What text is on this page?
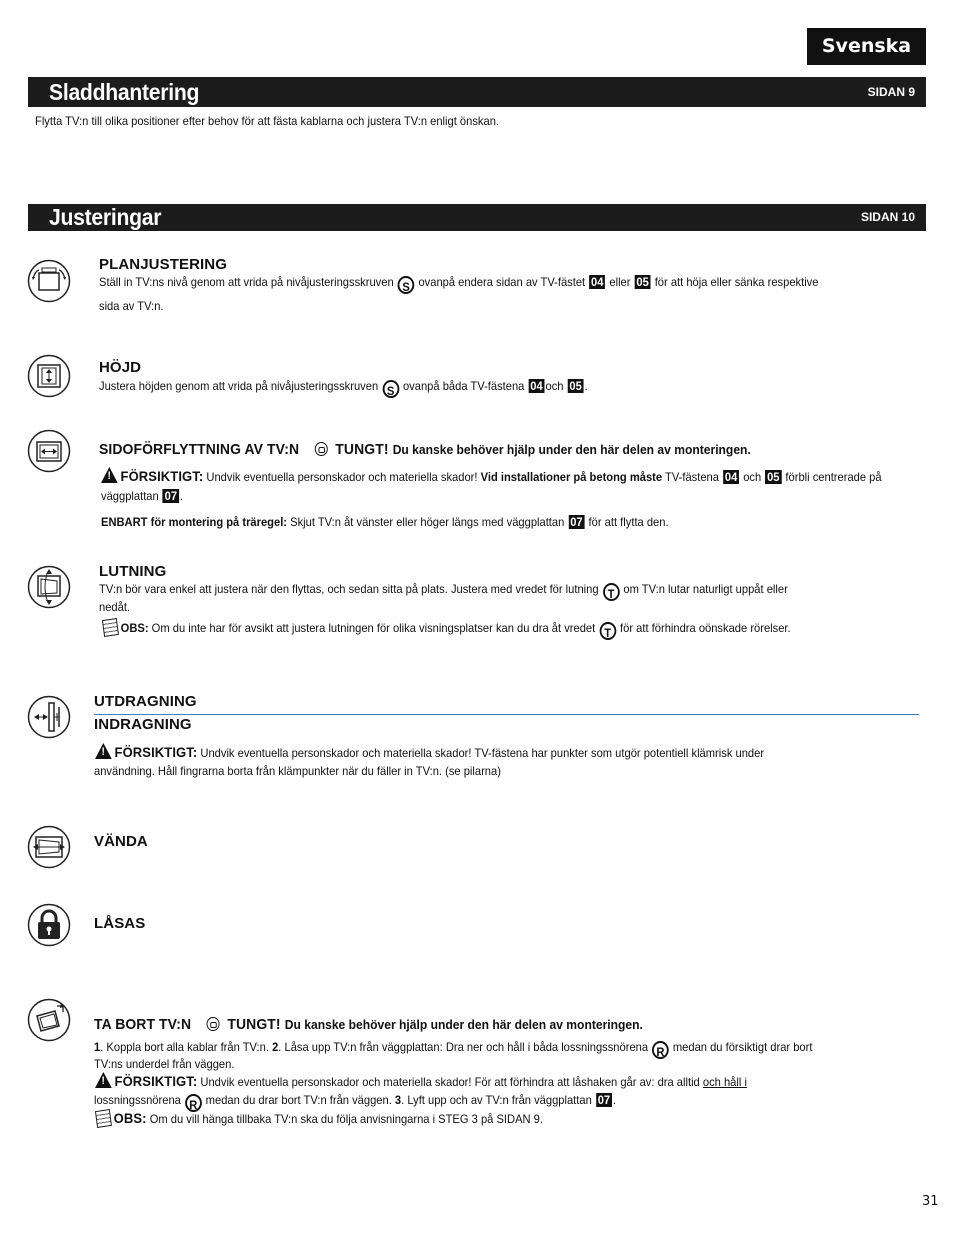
Svenska
Sladdhantering	SIDAN 9
Flytta TV:n till olika positioner efter behov för att fästa kablarna och justera TV:n enligt önskan.
Justeringar	SIDAN 10
PLANJUSTERING
Ställ in TV:ns nivå genom att vrida på nivåjusteringsskruven S ovanpå endera sidan av TV-fästet 04 eller 05 för att höja eller sänka respektive
sida av TV:n.
HÖJD
Justera höjden genom att vrida på nivåjusteringsskruven S ovanpå båda TV-fästena 04 och 05 .
SIDOFÖRFLYTTNING AV TV:N TUNGT! Du kanske behöver hjälp under den här delen av monteringen.
!FÖRSIKTIGT: Undvik eventuella personskador och materiella skador! Vid installationer på betong måste TV-fästena 04 och 05 förbli centrerade på
väggplattan 07 .
ENBART för montering på träregel: Skjut TV:n åt vänster eller höger längs med väggplattan 07 för att flytta den.
LUTNING
TV:n bör vara enkel att justera när den flyttas, och sedan sitta på plats. Justera med vredet för lutning T om TV:n lutar naturligt uppåt eller
nedåt.
OBS: Om du inte har för avsikt att justera lutningen för olika visningsplatser kan du dra åt vredet T för att förhindra oönskade rörelser.
UTDRAGNING
INDRAGNING
!FÖRSIKTIGT: Undvik eventuella personskador och materiella skador! TV-fästena har punkter som utgör potentiell klämrisk under
användning. Håll fingrarna borta från klämpunkter när du fäller in TV:n. (se pilarna)
VÄNDA
LÅSAS
TA BORT TV:N TUNGT! Du kanske behöver hjälp under den här delen av monteringen.
1. Koppla bort alla kablar från TV:n. 2. Låsa upp TV:n från väggplattan: Dra ner och håll i båda lossningssnörena R medan du försiktigt drar bort
TV:ns underdel från väggen.
!FÖRSIKTIGT: Undvik eventuella personskador och materiella skador! För att förhindra att låshaken går av: dra alltid och håll i
lossningssnörena R medan du drar bort TV:n från väggen. 3. Lyft upp och av TV:n från väggplattan 07 .
OBS: Om du vill hänga tillbaka TV:n ska du följa anvisningarna i STEG 3 på SIDAN 9.
31
